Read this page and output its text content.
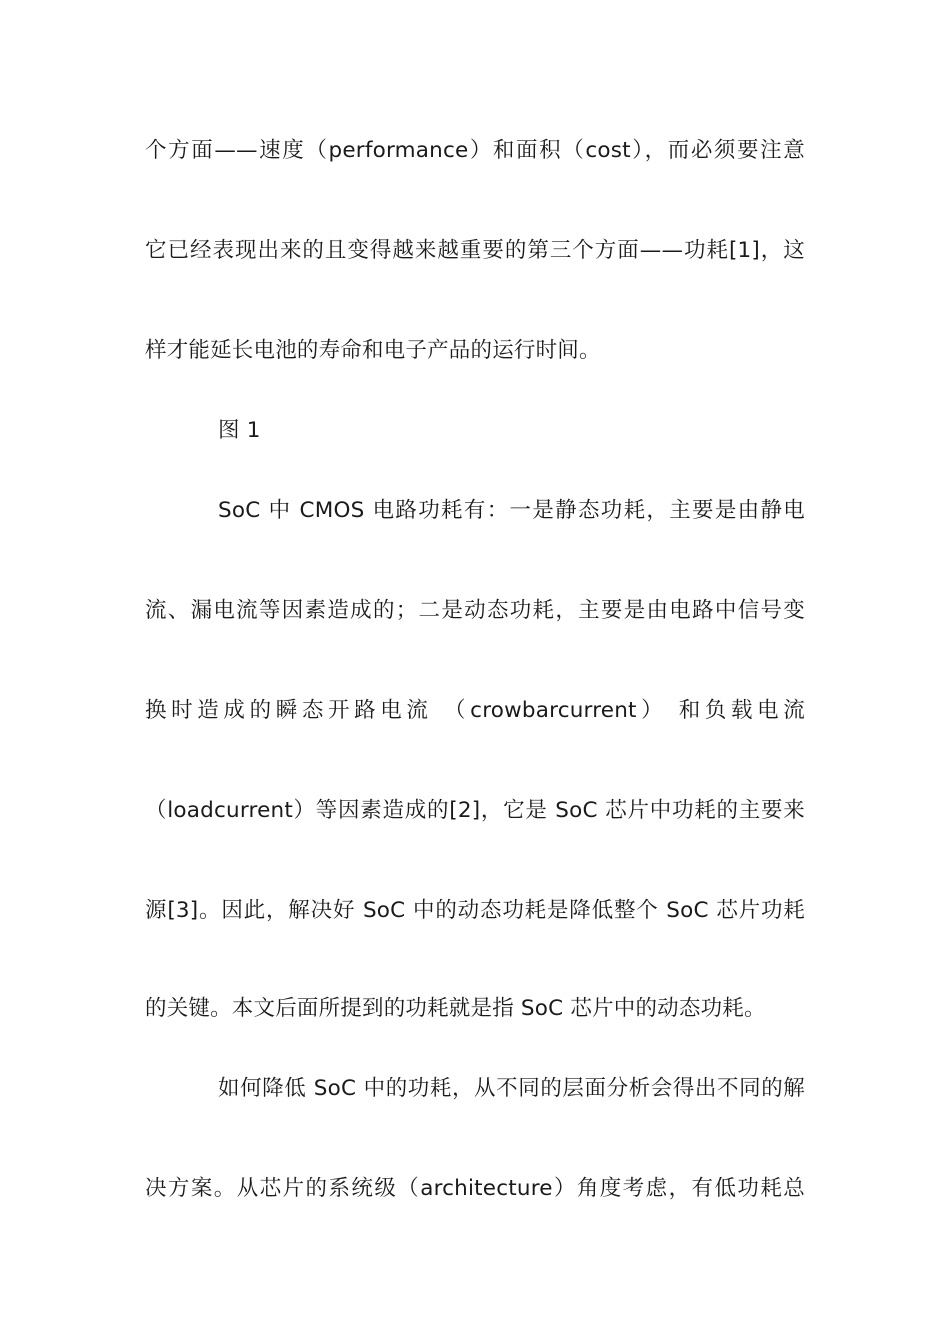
个方面——速度（performance）和面积（cost），而必须要注意
它已经表现出来的且变得越来越重要的第三个方面——功耗[1]，这
样才能延长电池的寿命和电子产品的运行时间。
图 1
SoC 中 CMOS 电路功耗有：一是静态功耗，主要是由静电
流、漏电流等因素造成的；二是动态功耗，主要是由电路中信号变
换时造成的瞬态开路电流 （crowbarcurrent） 和负载电流
（loadcurrent）等因素造成的[2]，它是 SoC 芯片中功耗的主要来
源[3]。因此，解决好 SoC 中的动态功耗是降低整个 SoC 芯片功耗
的关键。本文后面所提到的功耗就是指 SoC 芯片中的动态功耗。
如何降低 SoC 中的功耗，从不同的层面分析会得出不同的解
决方案。从芯片的系统级（architecture）角度考虑，有低功耗总
